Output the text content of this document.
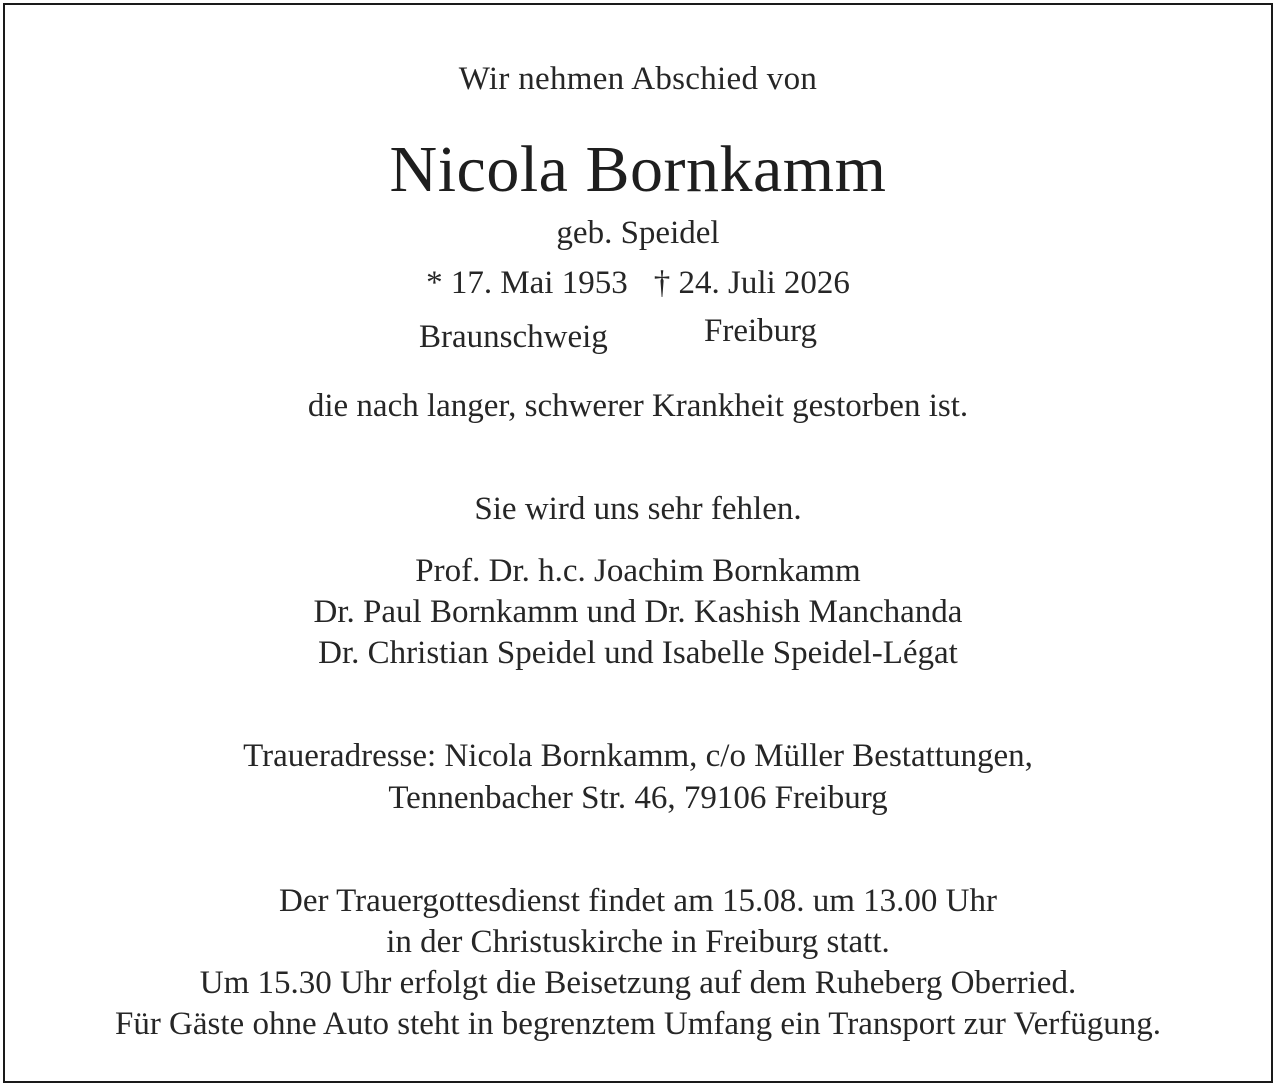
Wir nehmen Abschied von
Nicola Bornkamm
geb. Speidel
* 17. Mai 1953 † 24. Juli 2026
Braunschweig	Freiburg
die nach langer, schwerer Krankheit gestorben ist.
Sie wird uns sehr fehlen.
Prof. Dr. h.c. Joachim Bornkamm
Dr. Paul Bornkamm und Dr. Kashish Manchanda
Dr. Christian Speidel und Isabelle Speidel-Légat
Traueradresse: Nicola Bornkamm, c/o Müller Bestattungen,
Tennenbacher Str. 46, 79106 Freiburg
Der Trauergottesdienst findet am 15.08. um 13.00 Uhr
in der Christuskirche in Freiburg statt.
Um 15.30 Uhr erfolgt die Beisetzung auf dem Ruheberg Oberried.
Für Gäste ohne Auto steht in begrenztem Umfang ein Transport zur Verfügung.
